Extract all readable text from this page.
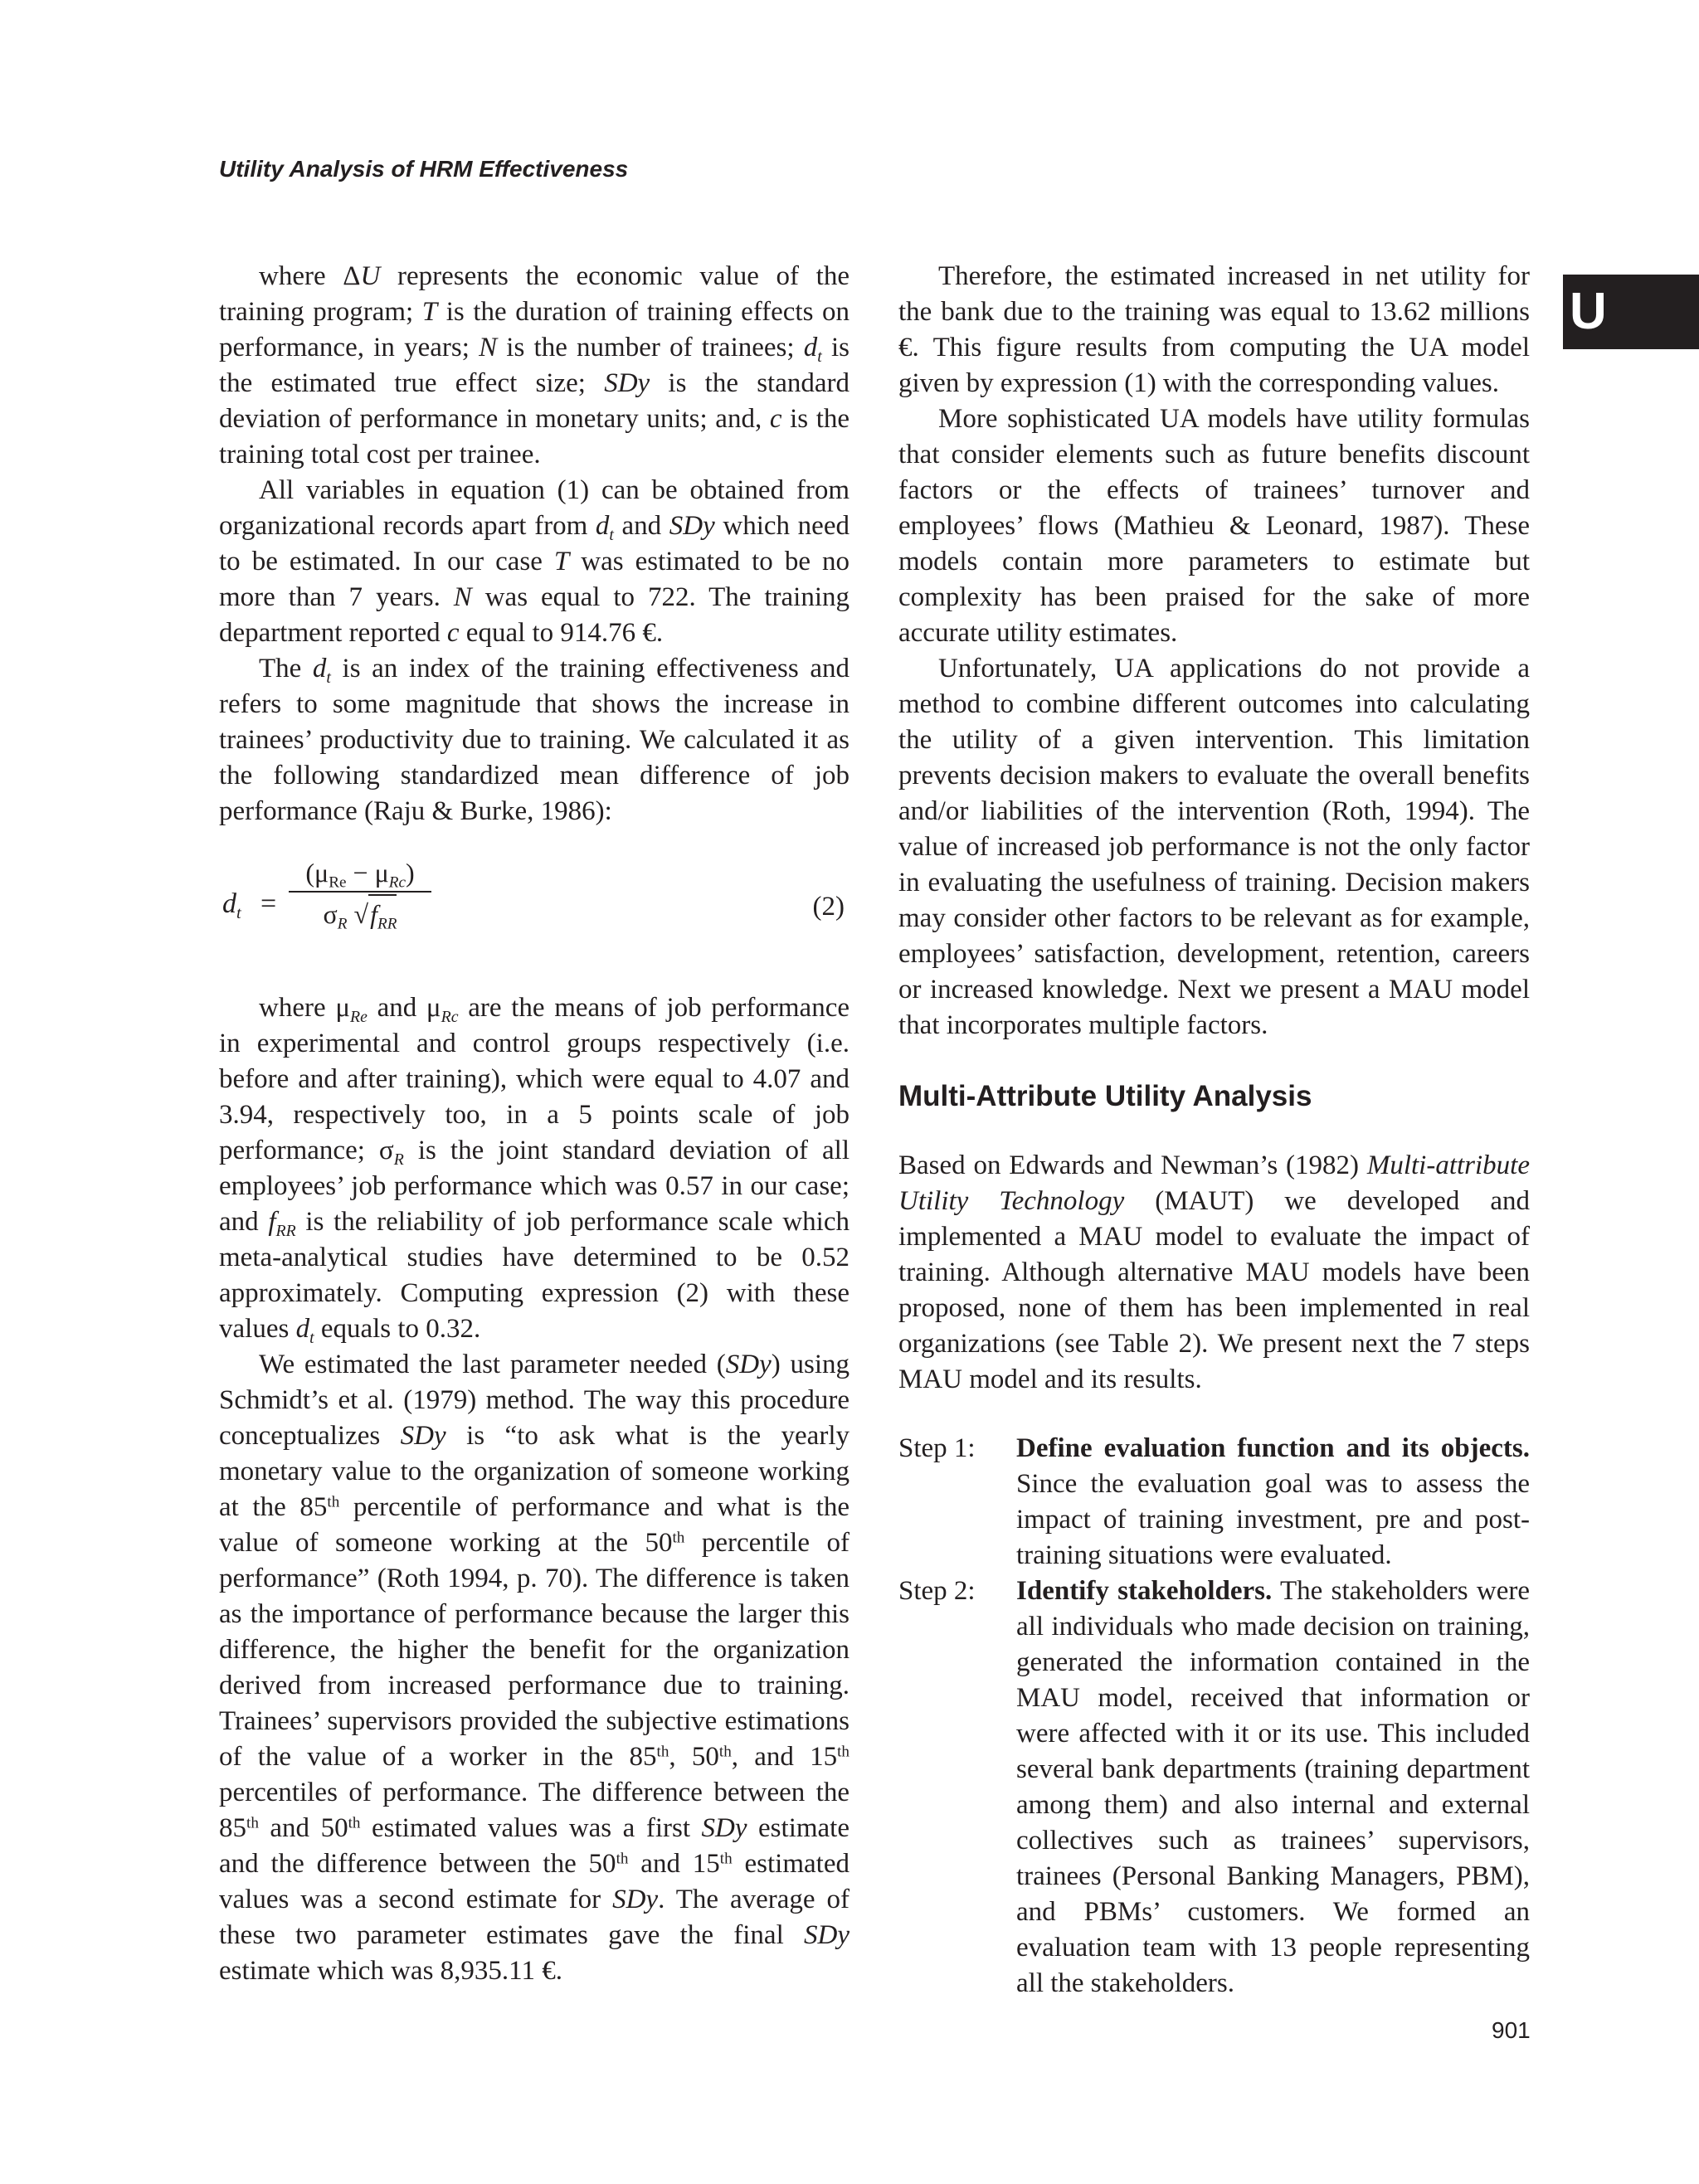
Utility Analysis of HRM Effectiveness
U

where ΔU represents the economic value of the training program; T is the duration of training effects on performance, in years; N is the number of trainees; $d_t$ is the estimated true effect size; SDy is the standard deviation of performance in monetary units; and, c is the training total cost per trainee.

All variables in equation (1) can be obtained from organizational records apart from $d_t$ and SDy which need to be estimated. In our case T was estimated to be no more than 7 years. N was equal to 722. The training department reported c equal to 914.76 €.

The $d_t$ is an index of the training effectiveness and refers to some magnitude that shows the increase in trainees’ productivity due to training. We calculated it as the following standardized mean difference of job performance (Raju & Burke, 1986):

$d_t$ =
$(\mu_{Re} - \mu_{Rc})$
$\sigma_R$ $√f_{RR}$
(2)

where $\mu_{Re}$ and $\mu_{Rc}$ are the means of job performance in experimental and control groups respectively (i.e. before and after training), which were equal to 4.07 and 3.94, respectively too, in a 5 points scale of job performance; $\sigma_R$ is the joint standard deviation of all employees’ job performance which was 0.57 in our case; and $f_{RR}$ is the reliability of job performance scale which meta-analytical studies have determined to be 0.52 approximately. Computing expression (2) with these values $d_t$ equals to 0.32.

We estimated the last parameter needed (SDy) using Schmidt’s et al. (1979) method. The way this procedure conceptualizes SDy is “to ask what is the yearly monetary value to the organization of someone working at the 85th percentile of performance and what is the value of someone working at the 50th percentile of performance” (Roth 1994, p. 70). The difference is taken as the importance of performance because the larger this difference, the higher the benefit for the organization derived from increased performance due to training. Trainees’ supervisors provided the subjective estimations of the value of a worker in the 85th, 50th, and 15th percentiles of performance. The difference between the 85th and 50th estimated values was a first SDy estimate and the difference between the 50th and 15th estimated values was a second estimate for SDy. The average of these two parameter estimates gave the final SDy estimate which was 8,935.11 €.

Therefore, the estimated increased in net utility for the bank due to the training was equal to 13.62 millions €. This figure results from computing the UA model given by expression (1) with the corresponding values.

More sophisticated UA models have utility formulas that consider elements such as future benefits discount factors or the effects of trainees’ turnover and employees’ flows (Mathieu & Leonard, 1987). These models contain more parameters to estimate but complexity has been praised for the sake of more accurate utility estimates.

Unfortunately, UA applications do not provide a method to combine different outcomes into calculating the utility of a given intervention. This limitation prevents decision makers to evaluate the overall benefits and/or liabilities of the intervention (Roth, 1994). The value of increased job performance is not the only factor in evaluating the usefulness of training. Decision makers may consider other factors to be relevant as for example, employees’ satisfaction, development, retention, careers or increased knowledge. Next we present a MAU model that incorporates multiple factors.

Multi-Attribute Utility Analysis

Based on Edwards and Newman’s (1982) Multi-attribute Utility Technology (MAUT) we developed and implemented a MAU model to evaluate the impact of training. Although alternative MAU models have been proposed, none of them has been implemented in real organizations (see Table 2). We present next the 7 steps MAU model and its results.

Step 1:	Define evaluation function and its objects. Since the evaluation goal was to assess the impact of training investment, pre and post-training situations were evaluated.
Step 2:	Identify stakeholders. The stakeholders were all individuals who made decision on training, generated the information contained in the MAU model, received that information or were affected with it or its use. This included several bank departments (training department among them) and also internal and external collectives such as trainees’ supervisors, trainees (Personal Banking Managers, PBM), and PBMs’ customers. We formed an evaluation team with 13 people representing all the stakeholders.
901
